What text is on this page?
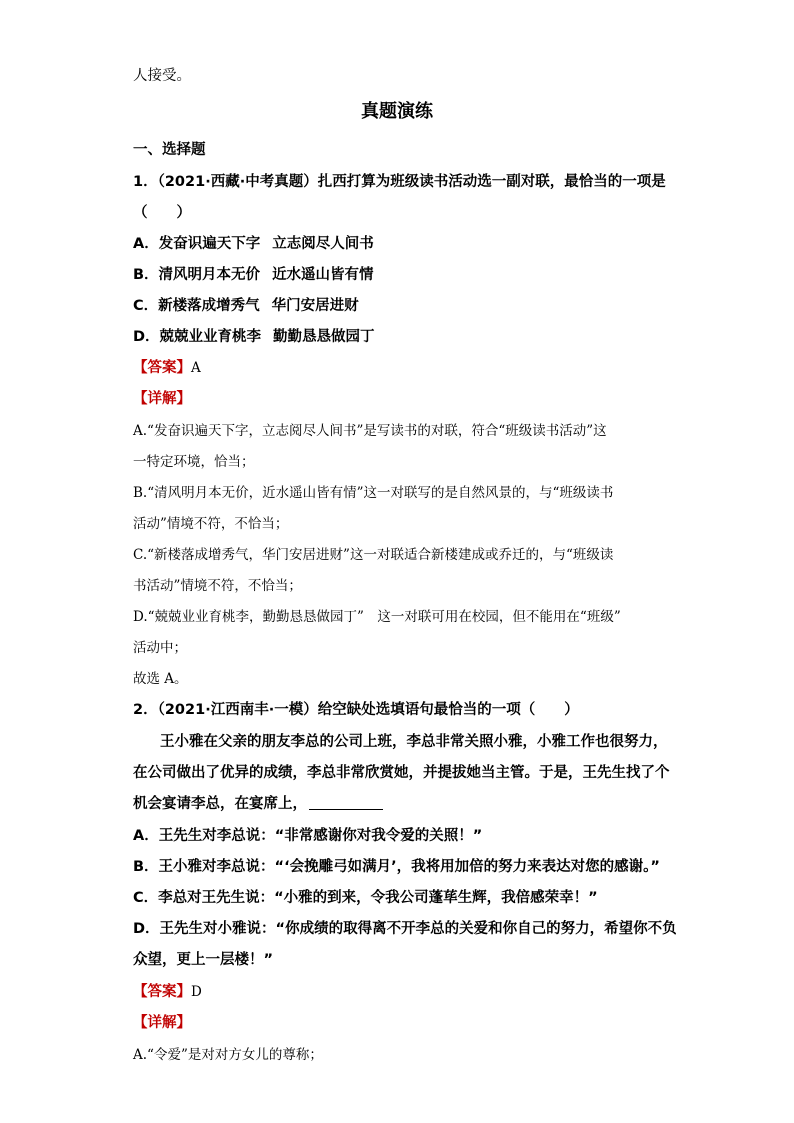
人接受。
真题演练
一、选择题
1．（2021·西藏·中考真题）扎西打算为班级读书活动选一副对联，最恰当的一项是
（　　）
A．发奋识遍天下字 立志阅尽人间书
B．清风明月本无价 近水遥山皆有情
C．新楼落成增秀气 华门安居进财
D．兢兢业业育桃李 勤勤恳恳做园丁
【答案】A
【详解】
A.“发奋识遍天下字，立志阅尽人间书”是写读书的对联，符合“班级读书活动”这
一特定环境，恰当；
B.“清风明月本无价，近水遥山皆有情”这一对联写的是自然风景的，与“班级读书
活动”情境不符，不恰当；
C.“新楼落成增秀气，华门安居进财”这一对联适合新楼建成或乔迁的，与“班级读
书活动”情境不符，不恰当；
D.“兢兢业业育桃李，勤勤恳恳做园丁”　这一对联可用在校园，但不能用在“班级”
活动中；
故选 A。
2．（2021·江西南丰·一模）给空缺处选填语句最恰当的一项（　　）
王小雅在父亲的朋友李总的公司上班，李总非常关照小雅，小雅工作也很努力，
在公司做出了优异的成绩，李总非常欣赏她，并提拔她当主管。于是，王先生找了个
机会宴请李总，在宴席上，
A．王先生对李总说：“非常感谢你对我令爱的关照！”
B．王小雅对李总说：“‘会挽雕弓如满月’，我将用加倍的努力来表达对您的感谢。”
C．李总对王先生说：“小雅的到来，令我公司蓬荜生辉，我倍感荣幸！”
D．王先生对小雅说：“你成绩的取得离不开李总的关爱和你自己的努力，希望你不负
众望，更上一层楼！”
【答案】D
【详解】
A.“令爱”是对对方女儿的尊称；
